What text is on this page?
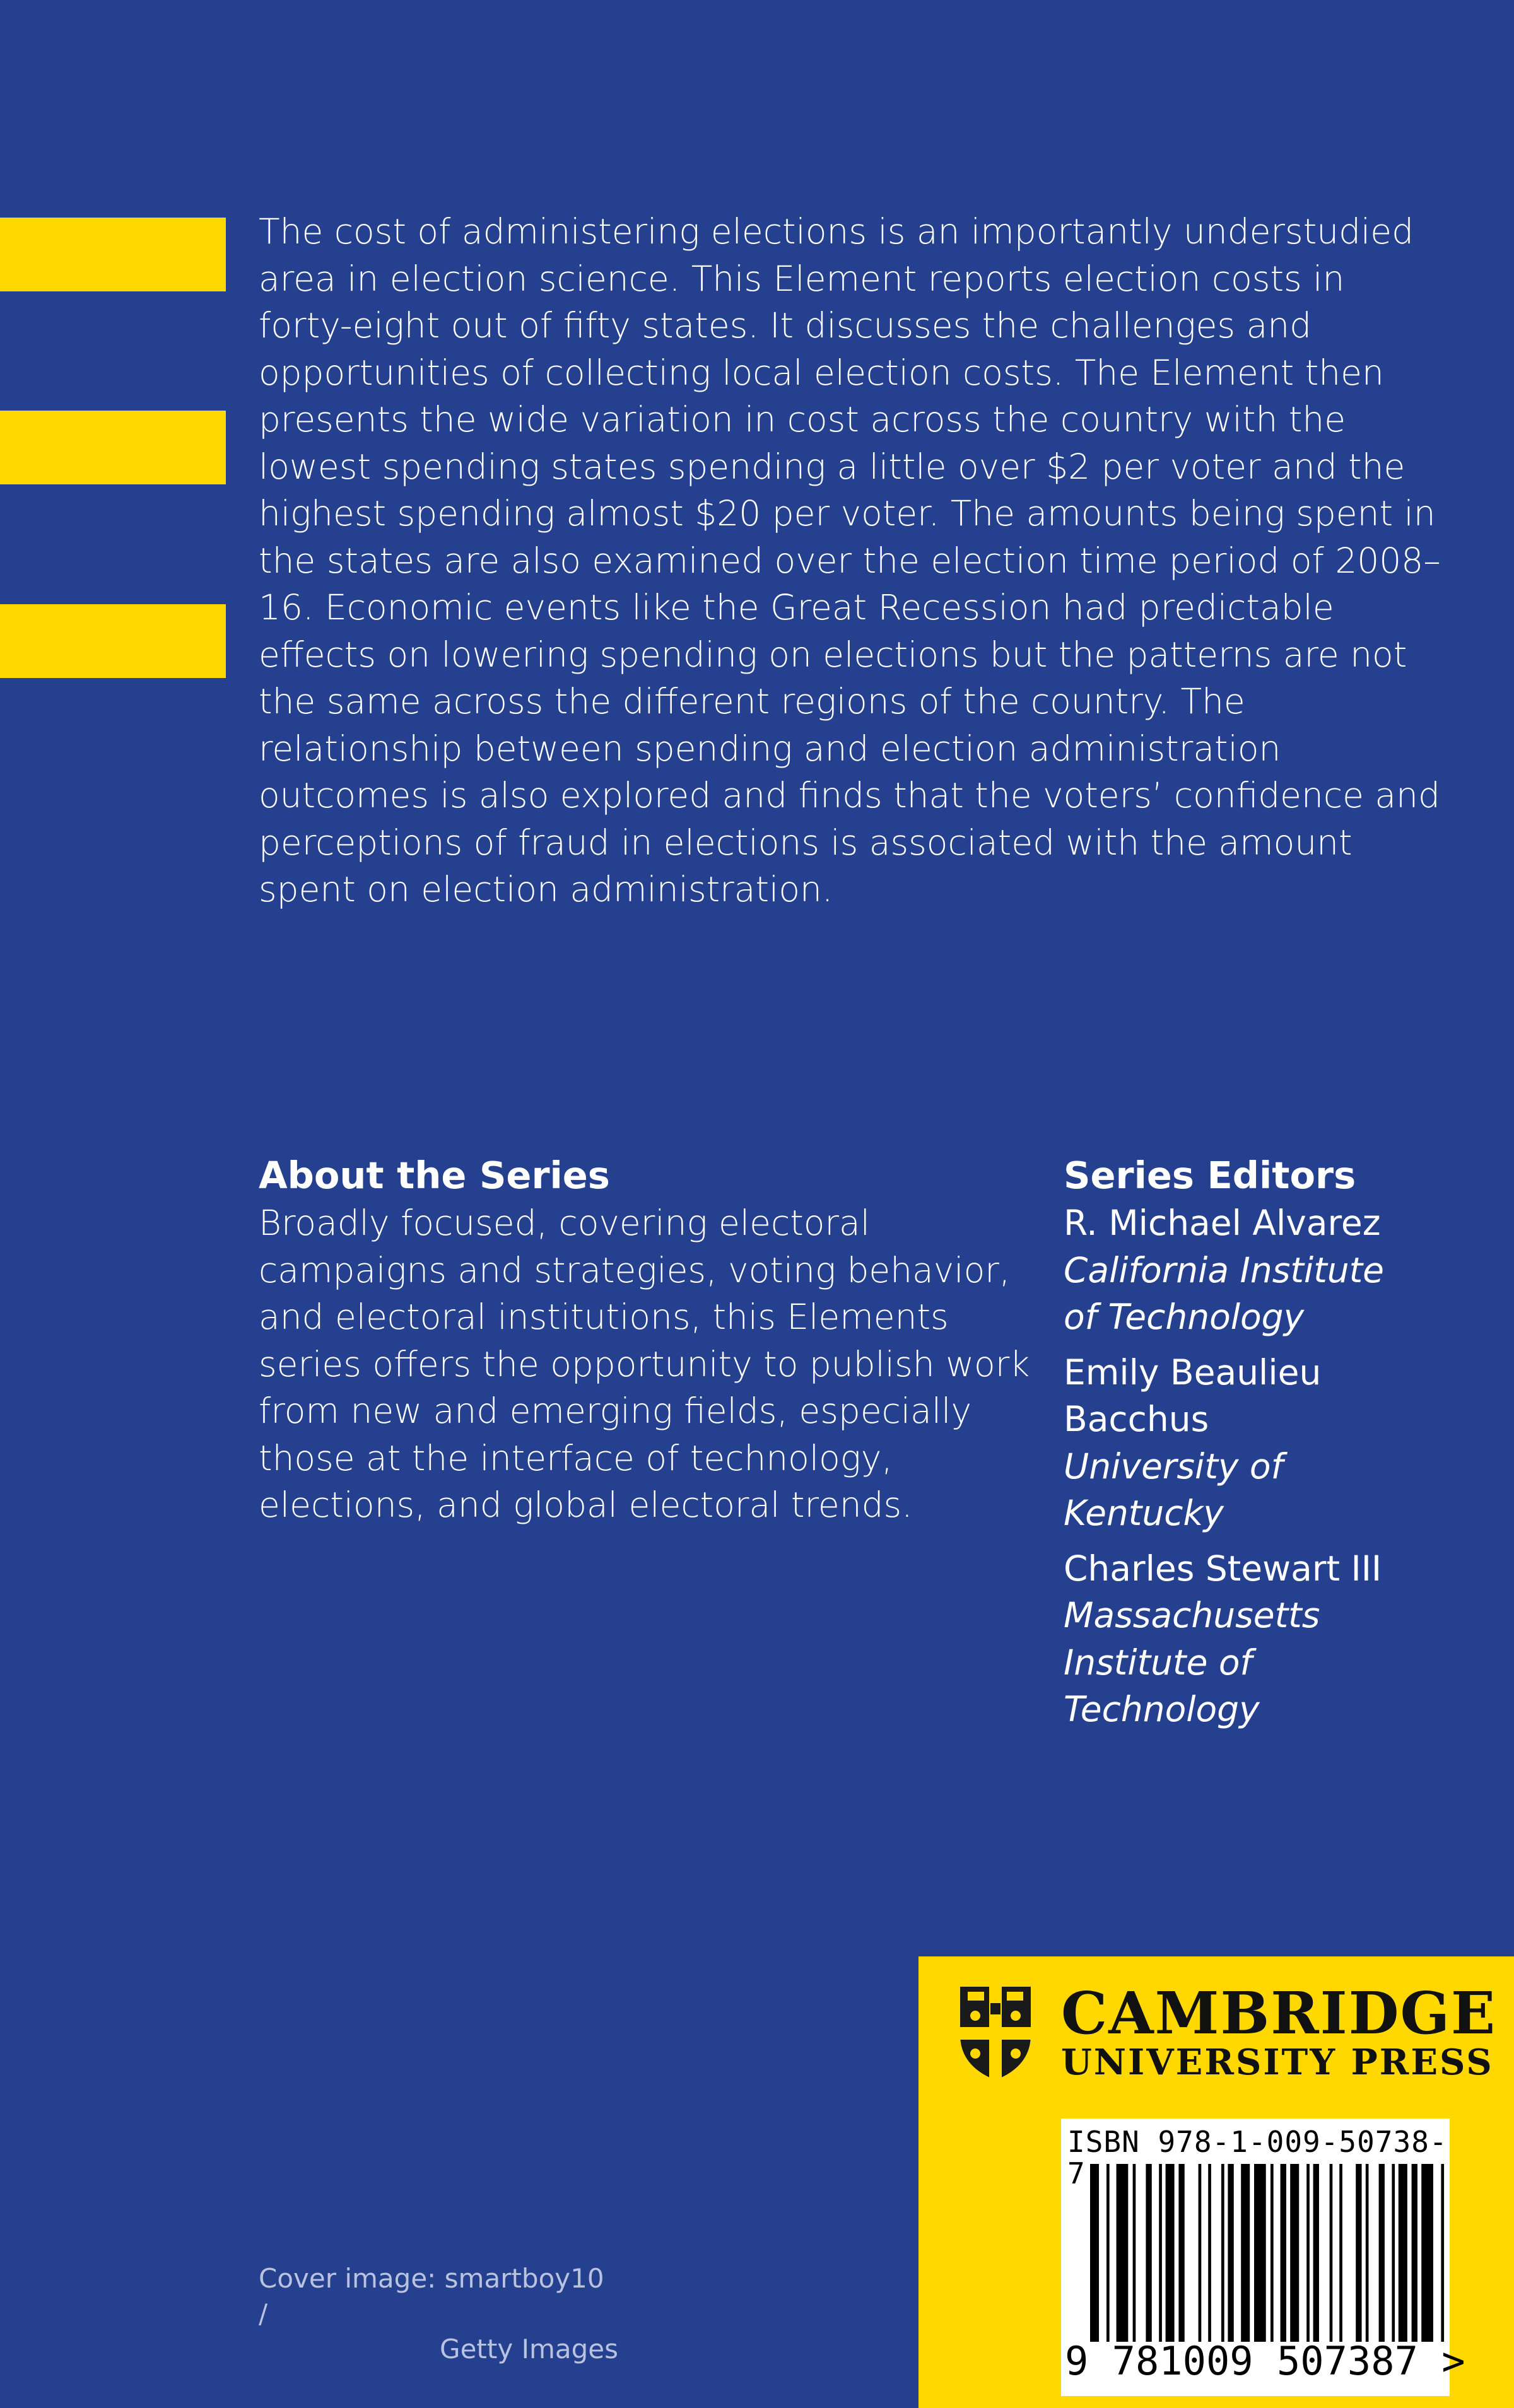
The cost of administering elections is an importantly understudied area in election science. This Element reports election costs in forty-eight out of fifty states. It discusses the challenges and opportunities of collecting local election costs. The Element then presents the wide variation in cost across the country with the lowest spending states spending a little over $2 per voter and the highest spending almost $20 per voter. The amounts being spent in the states are also examined over the election time period of 2008–16. Economic events like the Great Recession had predictable effects on lowering spending on elections but the patterns are not the same across the different regions of the country. The relationship between spending and election administration outcomes is also explored and finds that the voters’ confidence and perceptions of fraud in elections is associated with the amount spent on election administration.

About the Series

Broadly focused, covering electoral campaigns and strategies, voting behavior, and electoral institutions, this Elements series offers the opportunity to publish work from new and emerging fields, especially those at the interface of technology, elections, and global electoral trends.

Series Editors
R. Michael Alvarez
California Institute of Technology
Emily Beaulieu Bacchus
University of Kentucky
Charles Stewart III
Massachusetts Institute of Technology
Cover image: smartboy10 /
Getty Images
CAMBRIDGE
UNIVERSITY PRESS
ISBN 978-1-009-50738-7
9 781009 507387 >
